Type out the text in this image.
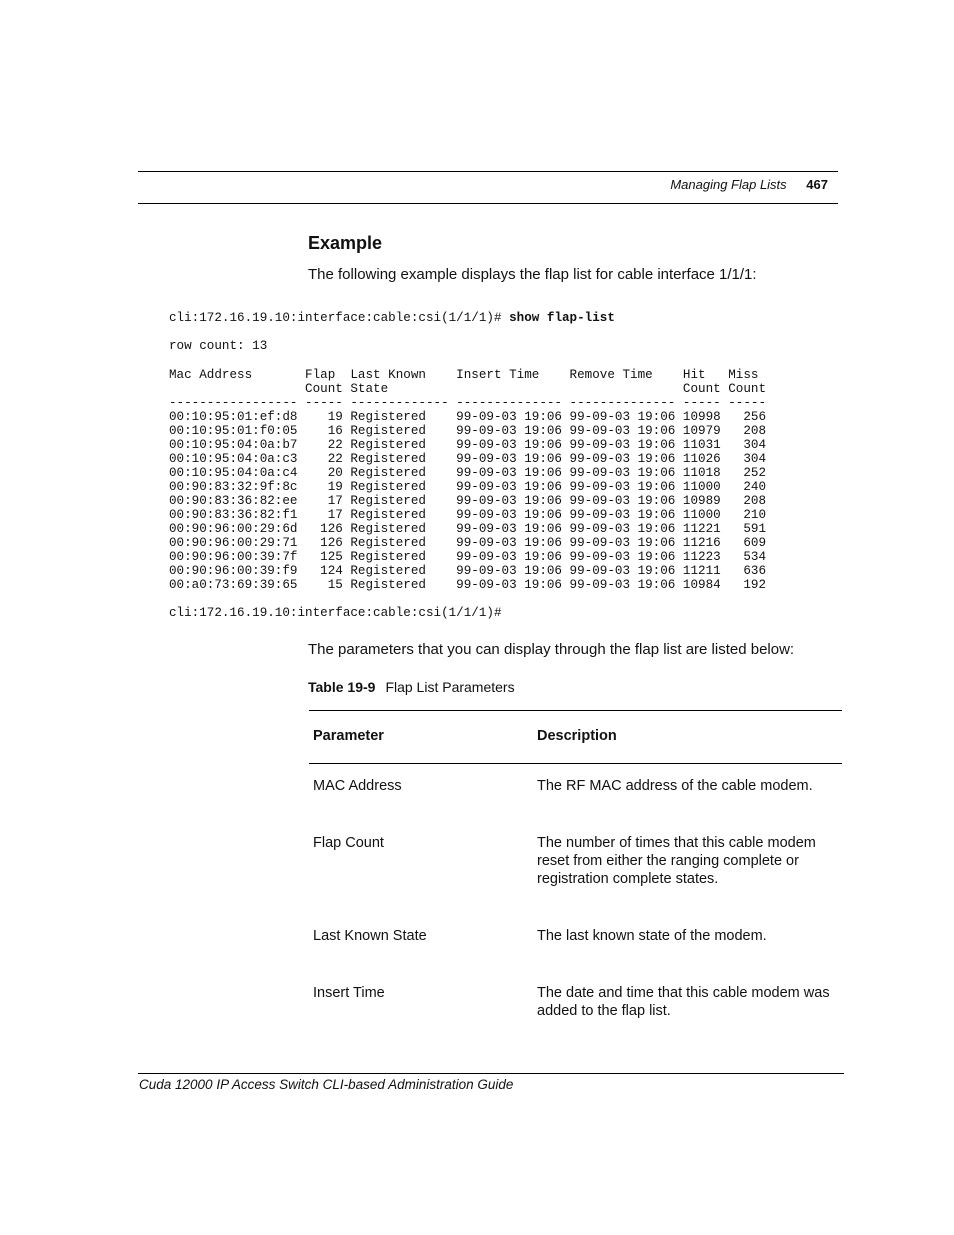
Managing Flap Lists 467
Example

The following example displays the flap list for cable interface 1/1/1:

cli:172.16.19.10:interface:cable:csi(1/1/1)# show flap-list
row count: 13
Mac Address       Flap  Last Known    Insert Time    Remove Time    Hit   Miss
Count State                                       Count Count
----------------- ----- ------------- -------------- -------------- ----- -----
00:10:95:01:ef:d8    19 Registered    99-09-03 19:06 99-09-03 19:06 10998   256
00:10:95:01:f0:05    16 Registered    99-09-03 19:06 99-09-03 19:06 10979   208
00:10:95:04:0a:b7    22 Registered    99-09-03 19:06 99-09-03 19:06 11031   304
00:10:95:04:0a:c3    22 Registered    99-09-03 19:06 99-09-03 19:06 11026   304
00:10:95:04:0a:c4    20 Registered    99-09-03 19:06 99-09-03 19:06 11018   252
00:90:83:32:9f:8c    19 Registered    99-09-03 19:06 99-09-03 19:06 11000   240
00:90:83:36:82:ee    17 Registered    99-09-03 19:06 99-09-03 19:06 10989   208
00:90:83:36:82:f1    17 Registered    99-09-03 19:06 99-09-03 19:06 11000   210
00:90:96:00:29:6d   126 Registered    99-09-03 19:06 99-09-03 19:06 11221   591
00:90:96:00:29:71   126 Registered    99-09-03 19:06 99-09-03 19:06 11216   609
00:90:96:00:39:7f   125 Registered    99-09-03 19:06 99-09-03 19:06 11223   534
00:90:96:00:39:f9   124 Registered    99-09-03 19:06 99-09-03 19:06 11211   636
00:a0:73:69:39:65    15 Registered    99-09-03 19:06 99-09-03 19:06 10984   192
cli:172.16.19.10:interface:cable:csi(1/1/1)#

The parameters that you can display through the flap list are listed below:

Table 19-9 Flap List Parameters
Parameter	Description
MAC Address	The RF MAC address of the cable modem.
Flap Count	The number of times that this cable modem reset from either the ranging complete or registration complete states.
Last Known State	The last known state of the modem.
Insert Time	The date and time that this cable modem was added to the flap list.
Cuda 12000 IP Access Switch CLI-based Administration Guide
